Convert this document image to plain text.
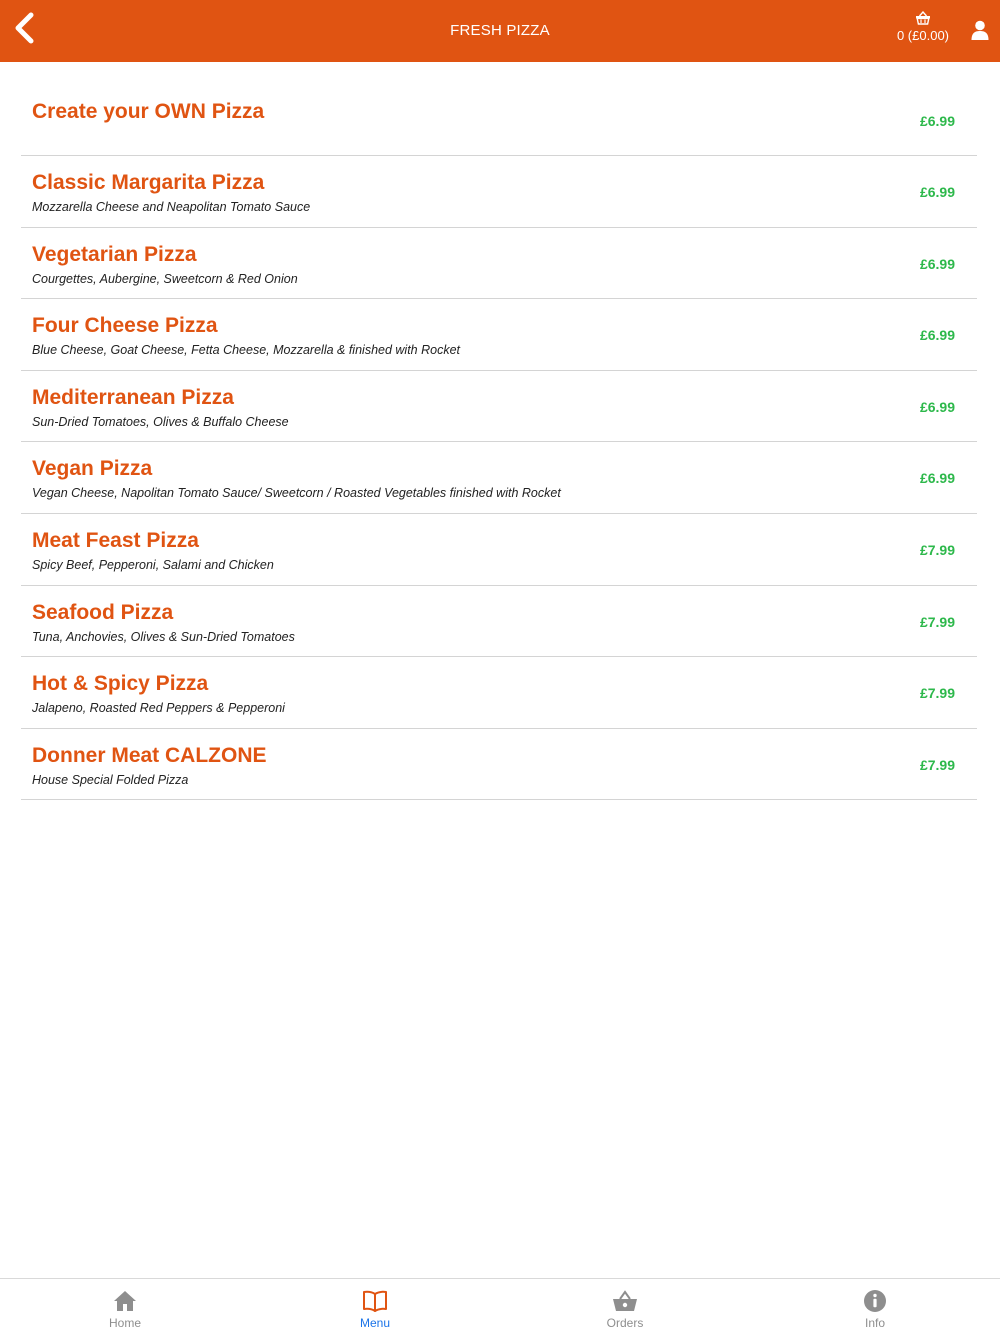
FRESH PIZZA	0 (£0.00)
Create your OWN Pizza	£6.99
Classic Margarita Pizza
Mozzarella Cheese and Neapolitan Tomato Sauce
£6.99
Vegetarian Pizza
Courgettes, Aubergine, Sweetcorn & Red Onion
£6.99
Four Cheese Pizza
Blue Cheese, Goat Cheese, Fetta Cheese, Mozzarella & finished with Rocket
£6.99
Mediterranean Pizza
Sun-Dried Tomatoes, Olives & Buffalo Cheese
£6.99
Vegan Pizza
Vegan Cheese, Napolitan Tomato Sauce/ Sweetcorn / Roasted Vegetables finished with Rocket
£6.99
Meat Feast Pizza
Spicy Beef, Pepperoni, Salami and Chicken
£7.99
Seafood Pizza
Tuna, Anchovies, Olives & Sun-Dried Tomatoes
£7.99
Hot & Spicy Pizza
Jalapeno, Roasted Red Peppers & Pepperoni
£7.99
Donner Meat CALZONE
House Special Folded Pizza
£7.99
Home	Menu	Orders	Info
